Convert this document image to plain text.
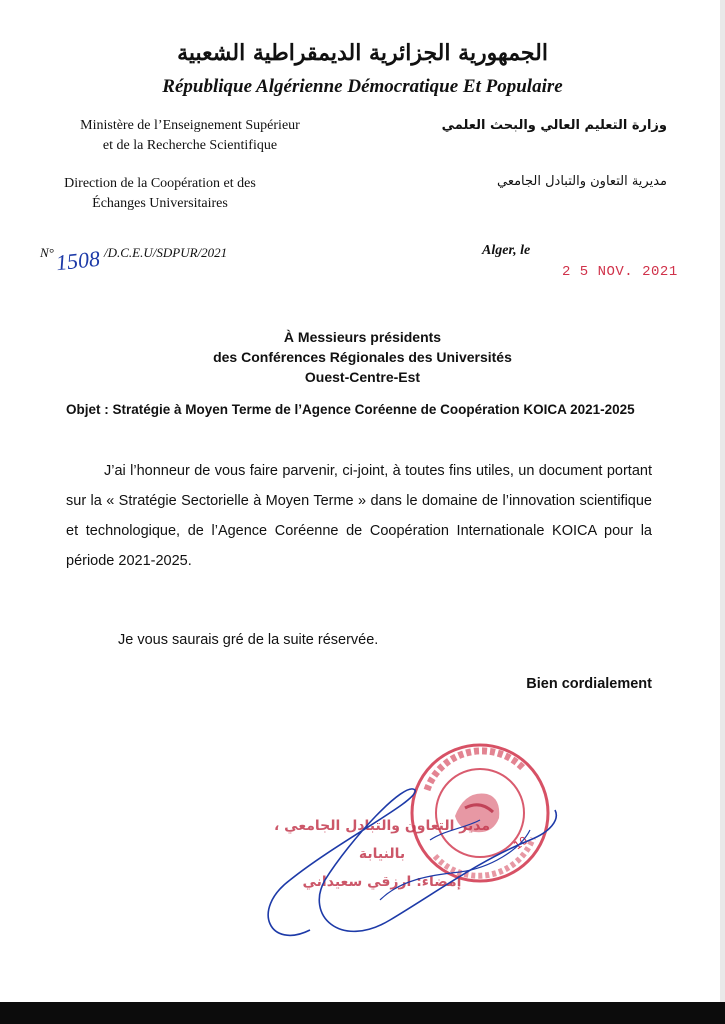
الجمهورية الجزائرية الديمقراطية الشعبية
République Algérienne Démocratique Et Populaire
Ministère de l’Enseignement Supérieur
et de la Recherche Scientifique
وزارة التعليم العالي والبحث العلمي
Direction de la Coopération et des
Échanges Universitaires
مديرية التعاون والتبادل الجامعي
N° 1508 /D.C.E.U/SDPUR/2021	Alger, le
2 5 NOV. 2021
À Messieurs présidents
des Conférences Régionales des Universités
Ouest-Centre-Est
Objet : Stratégie à Moyen Terme de l’Agence Coréenne de Coopération KOICA 2021-2025
J’ai l’honneur de vous faire parvenir, ci-joint, à toutes fins utiles, un document portant sur la « Stratégie Sectorielle à Moyen Terme » dans le domaine de l’innovation scientifique et technologique, de l’Agence Coréenne de Coopération Internationale KOICA pour la période 2021-2025.
Je vous saurais gré de la suite réservée.
Bien cordialement
10
مدير التعاون والتبادل الجامعي ، بالنيابة
إمضاء: ارزقي سعيداني
